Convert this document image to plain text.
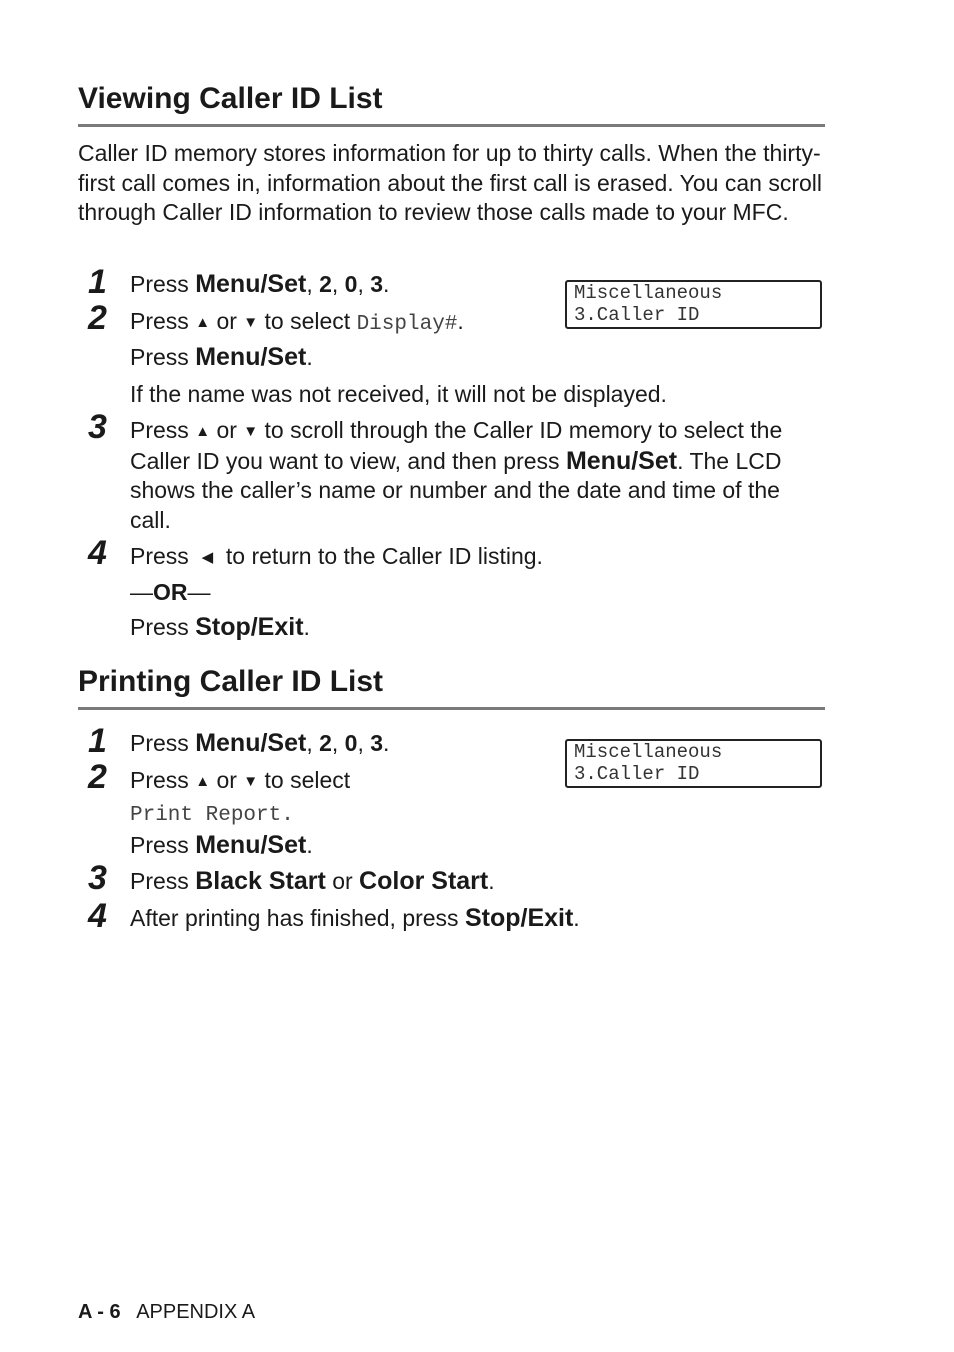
Viewing Caller ID List
Caller ID memory stores information for up to thirty calls. When the thirty-first call comes in, information about the first call is erased. You can scroll through Caller ID information to review those calls made to your MFC.
Miscellaneous
3.Caller ID
1 Press Menu/Set, 2, 0, 3.
2 Press ▲ or ▼ to select Display#.
Press Menu/Set.
If the name was not received, it will not be displayed.
3 Press ▲ or ▼ to scroll through the Caller ID memory to select the Caller ID you want to view, and then press Menu/Set. The LCD shows the caller’s name or number and the date and time of the call.
4 Press ◀ to return to the Caller ID listing.
—OR—
Press Stop/Exit.
Printing Caller ID List
Miscellaneous
3.Caller ID
1 Press Menu/Set, 2, 0, 3.
2 Press ▲ or ▼ to select
Print Report.
Press Menu/Set.
3 Press Black Start or Color Start.
4 After printing has finished, press Stop/Exit.
A - 6 APPENDIX A
